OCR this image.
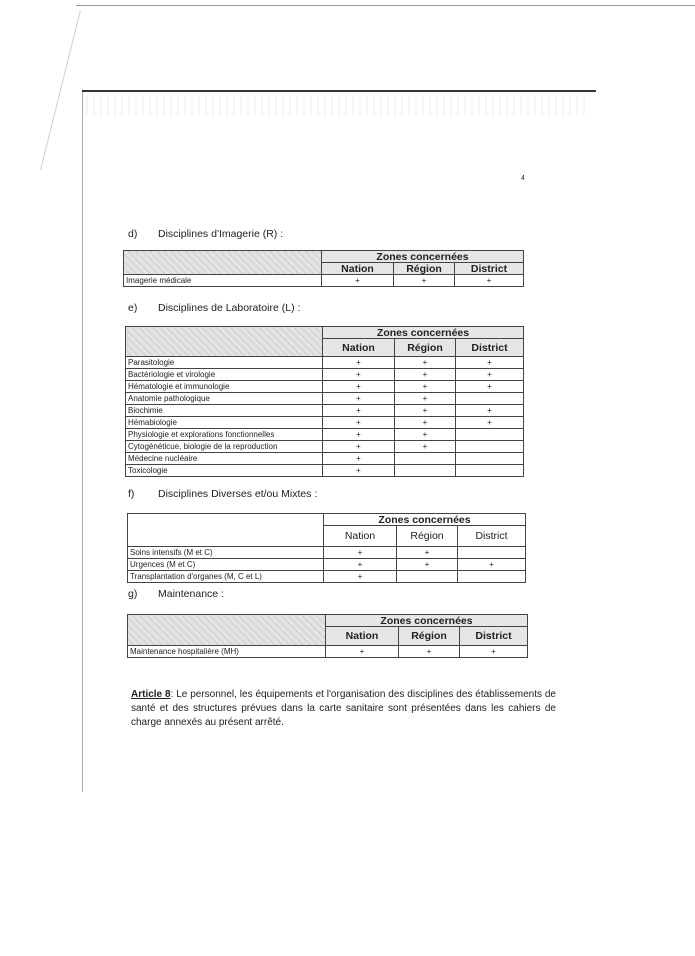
4
d) Disciplines d'Imagerie (R) :
	Zones concernées		
	Nation	Région	District
Imagerie médicale	+	+	+
e) Disciplines de Laboratoire (L) :
	Zones concernées		
	Nation	Région	District
Parasitologie	+	+	+
Bactériologie et virologie	+	+	+
Hématologie et immunologie	+	+	+
Anatomie pathologique	+	+	
Biochimie	+	+	+
Hémabiologie	+	+	+
Physiologie et explorations fonctionnelles	+	+	
Cytogénéticue, biologie de la reproduction	+	+	
Médecine nucléaire	+		
Toxicologie	+		
f) Disciplines Diverses et/ou Mixtes :
	Zones concernées		
	Nation	Région	District
Soins intensifs (M et C)	+	+	
Urgences (M et C)	+	+	+
Transplantation d'organes (M, C et L)	+		
g) Maintenance :
	Zones concernées		
	Nation	Région	District
Maintenance hospitalière (MH)	+	+	+
Article 8: Le personnel, les équipements et l'organisation des disciplines des établissements de santé et des structures prévues dans la carte sanitaire sont présentées dans les cahiers de charge annexés au présent arrêté.
